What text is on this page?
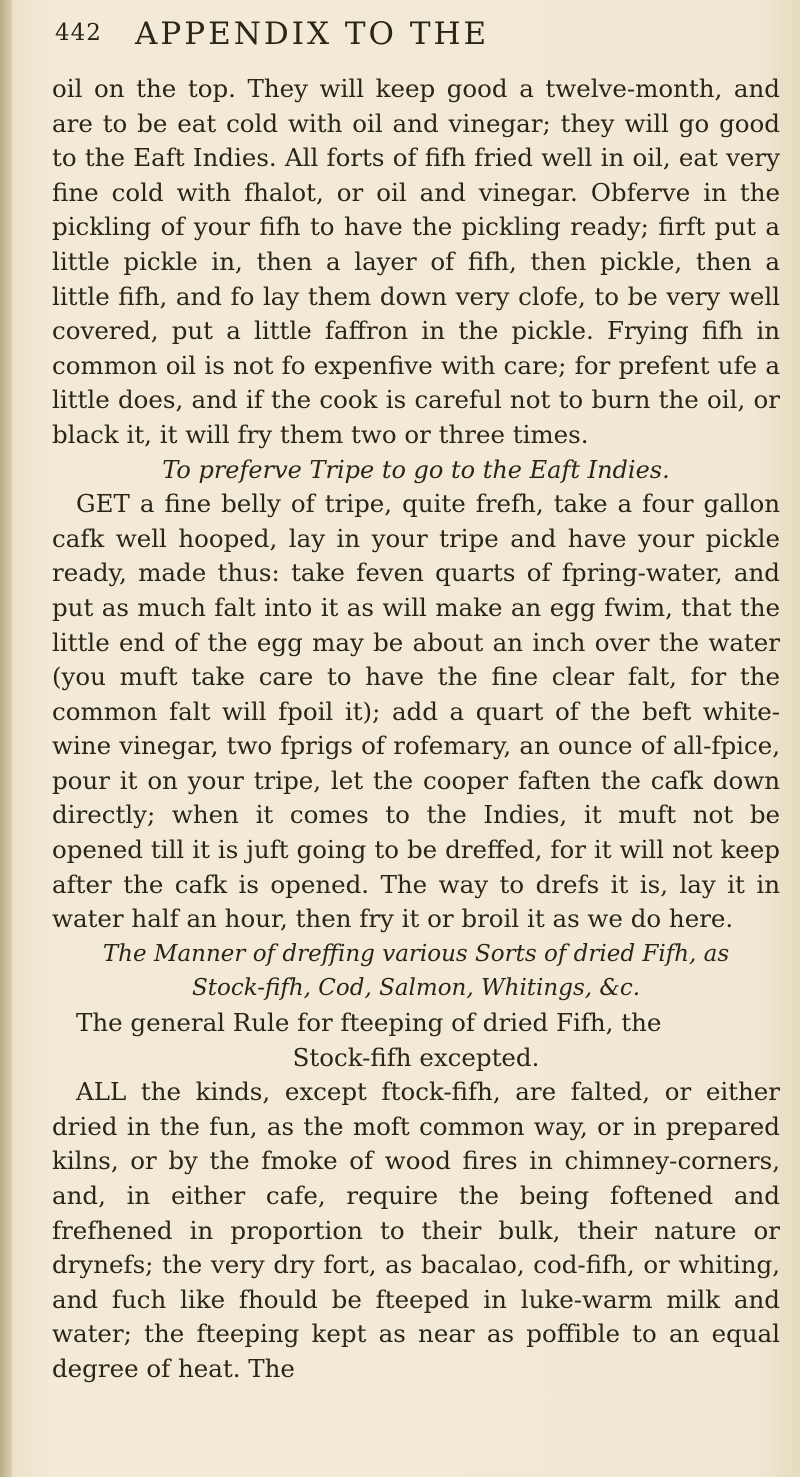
442 APPENDIX TO THE

oil on the top. They will keep good a twelve-month, and are to be eat cold with oil and vinegar; they will go good to the Eaft Indies. All forts of fifh fried well in oil, eat very fine cold with fhalot, or oil and vinegar. Obferve in the pickling of your fifh to have the pickling ready; firft put a little pickle in, then a layer of fifh, then pickle, then a little fifh, and fo lay them down very clofe, to be very well covered, put a little faffron in the pickle. Frying fifh in common oil is not fo expenfive with care; for prefent ufe a little does, and if the cook is careful not to burn the oil, or black it, it will fry them two or three times.

To preferve Tripe to go to the Eaft Indies.

GET a fine belly of tripe, quite frefh, take a four gallon cafk well hooped, lay in your tripe and have your pickle ready, made thus: take feven quarts of fpring-water, and put as much falt into it as will make an egg fwim, that the little end of the egg may be about an inch over the water (you muft take care to have the fine clear falt, for the common falt will fpoil it); add a quart of the beft white-wine vinegar, two fprigs of rofemary, an ounce of all-fpice, pour it on your tripe, let the cooper faften the cafk down directly; when it comes to the Indies, it muft not be opened till it is juft going to be dreffed, for it will not keep after the cafk is opened. The way to drefs it is, lay it in water half an hour, then fry it or broil it as we do here.

The Manner of dreffing various Sorts of dried Fifh, as
Stock-fifh, Cod, Salmon, Whitings, &c.

The general Rule for fteeping of dried Fifh, the

Stock-fifh excepted.

ALL the kinds, except ftock-fifh, are falted, or either dried in the fun, as the moft common way, or in prepared kilns, or by the fmoke of wood fires in chimney-corners, and, in either cafe, require the being foftened and frefhened in proportion to their bulk, their nature or drynefs; the very dry fort, as bacalao, cod-fifh, or whiting, and fuch like fhould be fteeped in luke-warm milk and water; the fteeping kept as near as poffible to an equal degree of heat. The
